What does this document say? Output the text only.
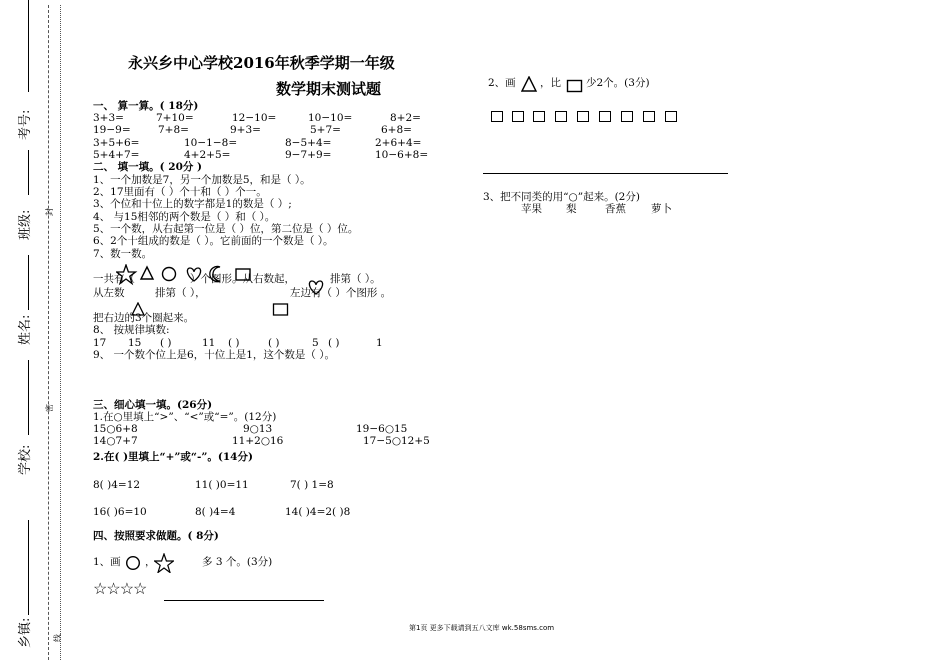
考号:
班级: 封
姓名:
密
学校:
乡镇:	线
永兴乡中心学校2016年秋季学期一年级
数学期末测试题
一、 算一算。( 18分)
3+3=	7+10=	12−10=	10−10=	8+2=
19−9=	7+8=	9+3=	5+7=	6+8=
3+5+6=	10−1−8=	8−5+4=	2+6+4=
5+4+7=	4+2+5=	9−7+9=	10−6+8=
二、 填一填。( 20分 )
1、一个加数是7，另一个加数是5，和是（ ）。
2、17里面有（ ）个十和（ ）个一。
3、个位和十位上的数字都是1的数是（ ）;
4、 与15相邻的两个数是（ ）和（ ）。
5、一个数，从右起第一位是（ ）位，第二位是（ ）位。
6、2个十组成的数是（ ）。它前面的一个数是（ ）。
7、数一数。
一共有（	）个图形。从右数起，	排第（ ）。
从左数	排第（ ），	左边有（ ）个图形 。
把右边的3个圈起来。
8、 按规律填数:
17 15 ( )	11 ( )	( )	5 ( )	1
9、 一个数个位上是6，十位上是1，这个数是（ ）。
三、细心填一填。(26分)
1.在○里填上“>”、“<”或“=”。(12分)
15○6+8	9○13	19−6○15
14○7+7	11+2○16	17−5○12+5
2.在( )里填上“+”或“-”。(14分)
8( )4=12	11( )0=11	7( ) 1=8
16( )6=10	8( )4=4	14( )4=2( )8
四、按照要求做题。( 8分)
1、画 ，	多 3 个。(3分)
☆☆☆☆
2、画 ，比 少2个。(3分)
3、把不同类的用“○”起来。(2分)
苹果 梨	香蕉 萝卜
第1页 更多下载请到五八文库 wk.58sms.com
